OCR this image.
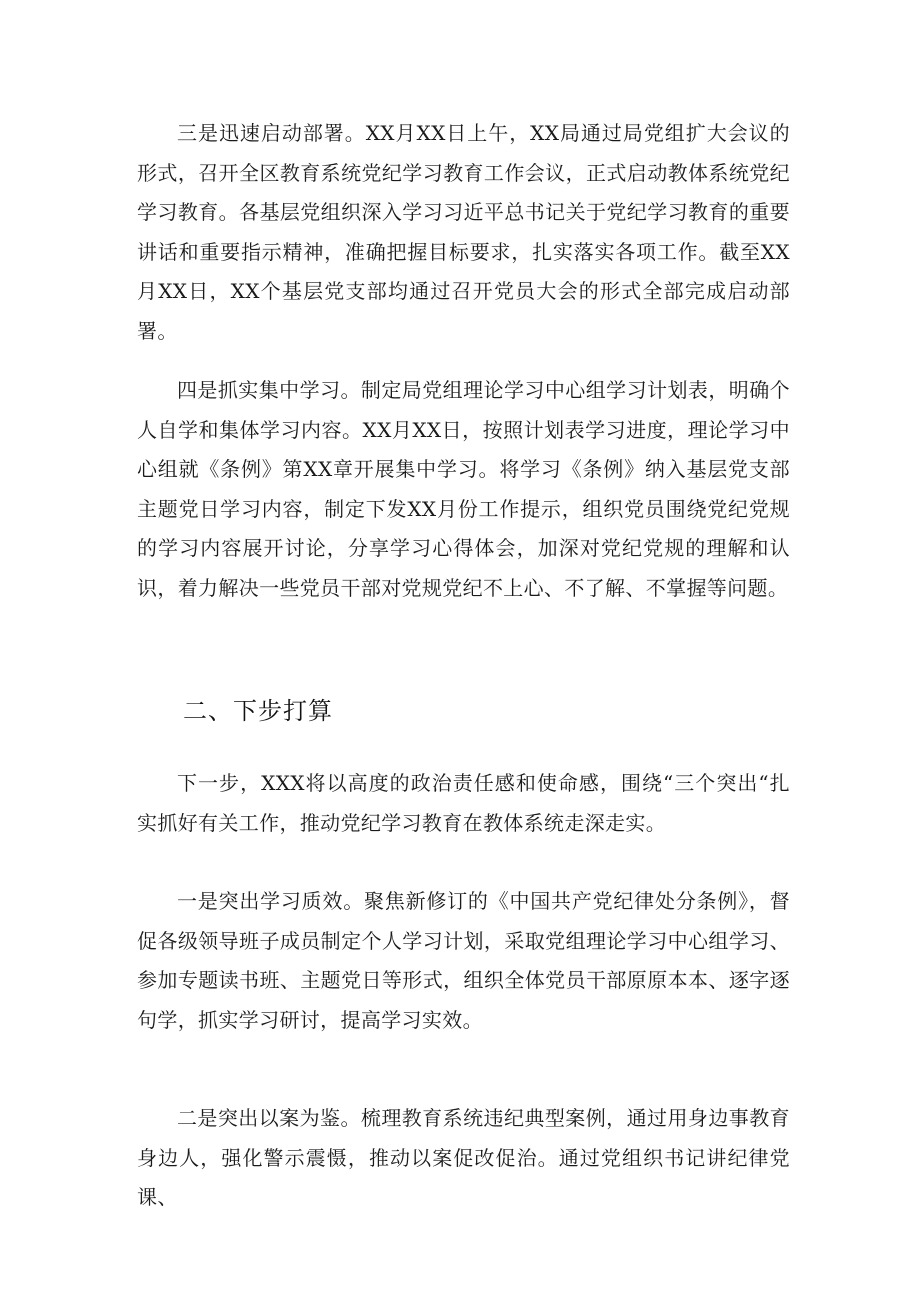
三是迅速启动部署。XX月XX日上午，XX局通过局党组扩大会议的形式，召开全区教育系统党纪学习教育工作会议，正式启动教体系统党纪学习教育。各基层党组织深入学习习近平总书记关于党纪学习教育的重要讲话和重要指示精神，准确把握目标要求，扎实落实各项工作。截至XX月XX日，XX个基层党支部均通过召开党员大会的形式全部完成启动部署。

四是抓实集中学习。制定局党组理论学习中心组学习计划表，明确个人自学和集体学习内容。XX月XX日，按照计划表学习进度，理论学习中心组就《条例》第XX章开展集中学习。将学习《条例》纳入基层党支部主题党日学习内容，制定下发XX月份工作提示，组织党员围绕党纪党规的学习内容展开讨论，分享学习心得体会，加深对党纪党规的理解和认识，着力解决一些党员干部对党规党纪不上心、不了解、不掌握等问题。

二、下步打算

下一步，XXX将以高度的政治责任感和使命感，围绕“三个突出“扎实抓好有关工作，推动党纪学习教育在教体系统走深走实。

一是突出学习质效。聚焦新修订的《中国共产党纪律处分条例》，督促各级领导班子成员制定个人学习计划，采取党组理论学习中心组学习、参加专题读书班、主题党日等形式，组织全体党员干部原原本本、逐字逐句学，抓实学习研讨，提高学习实效。

二是突出以案为鉴。梳理教育系统违纪典型案例，通过用身边事教育身边人，强化警示震慑，推动以案促改促治。通过党组织书记讲纪律党课、
